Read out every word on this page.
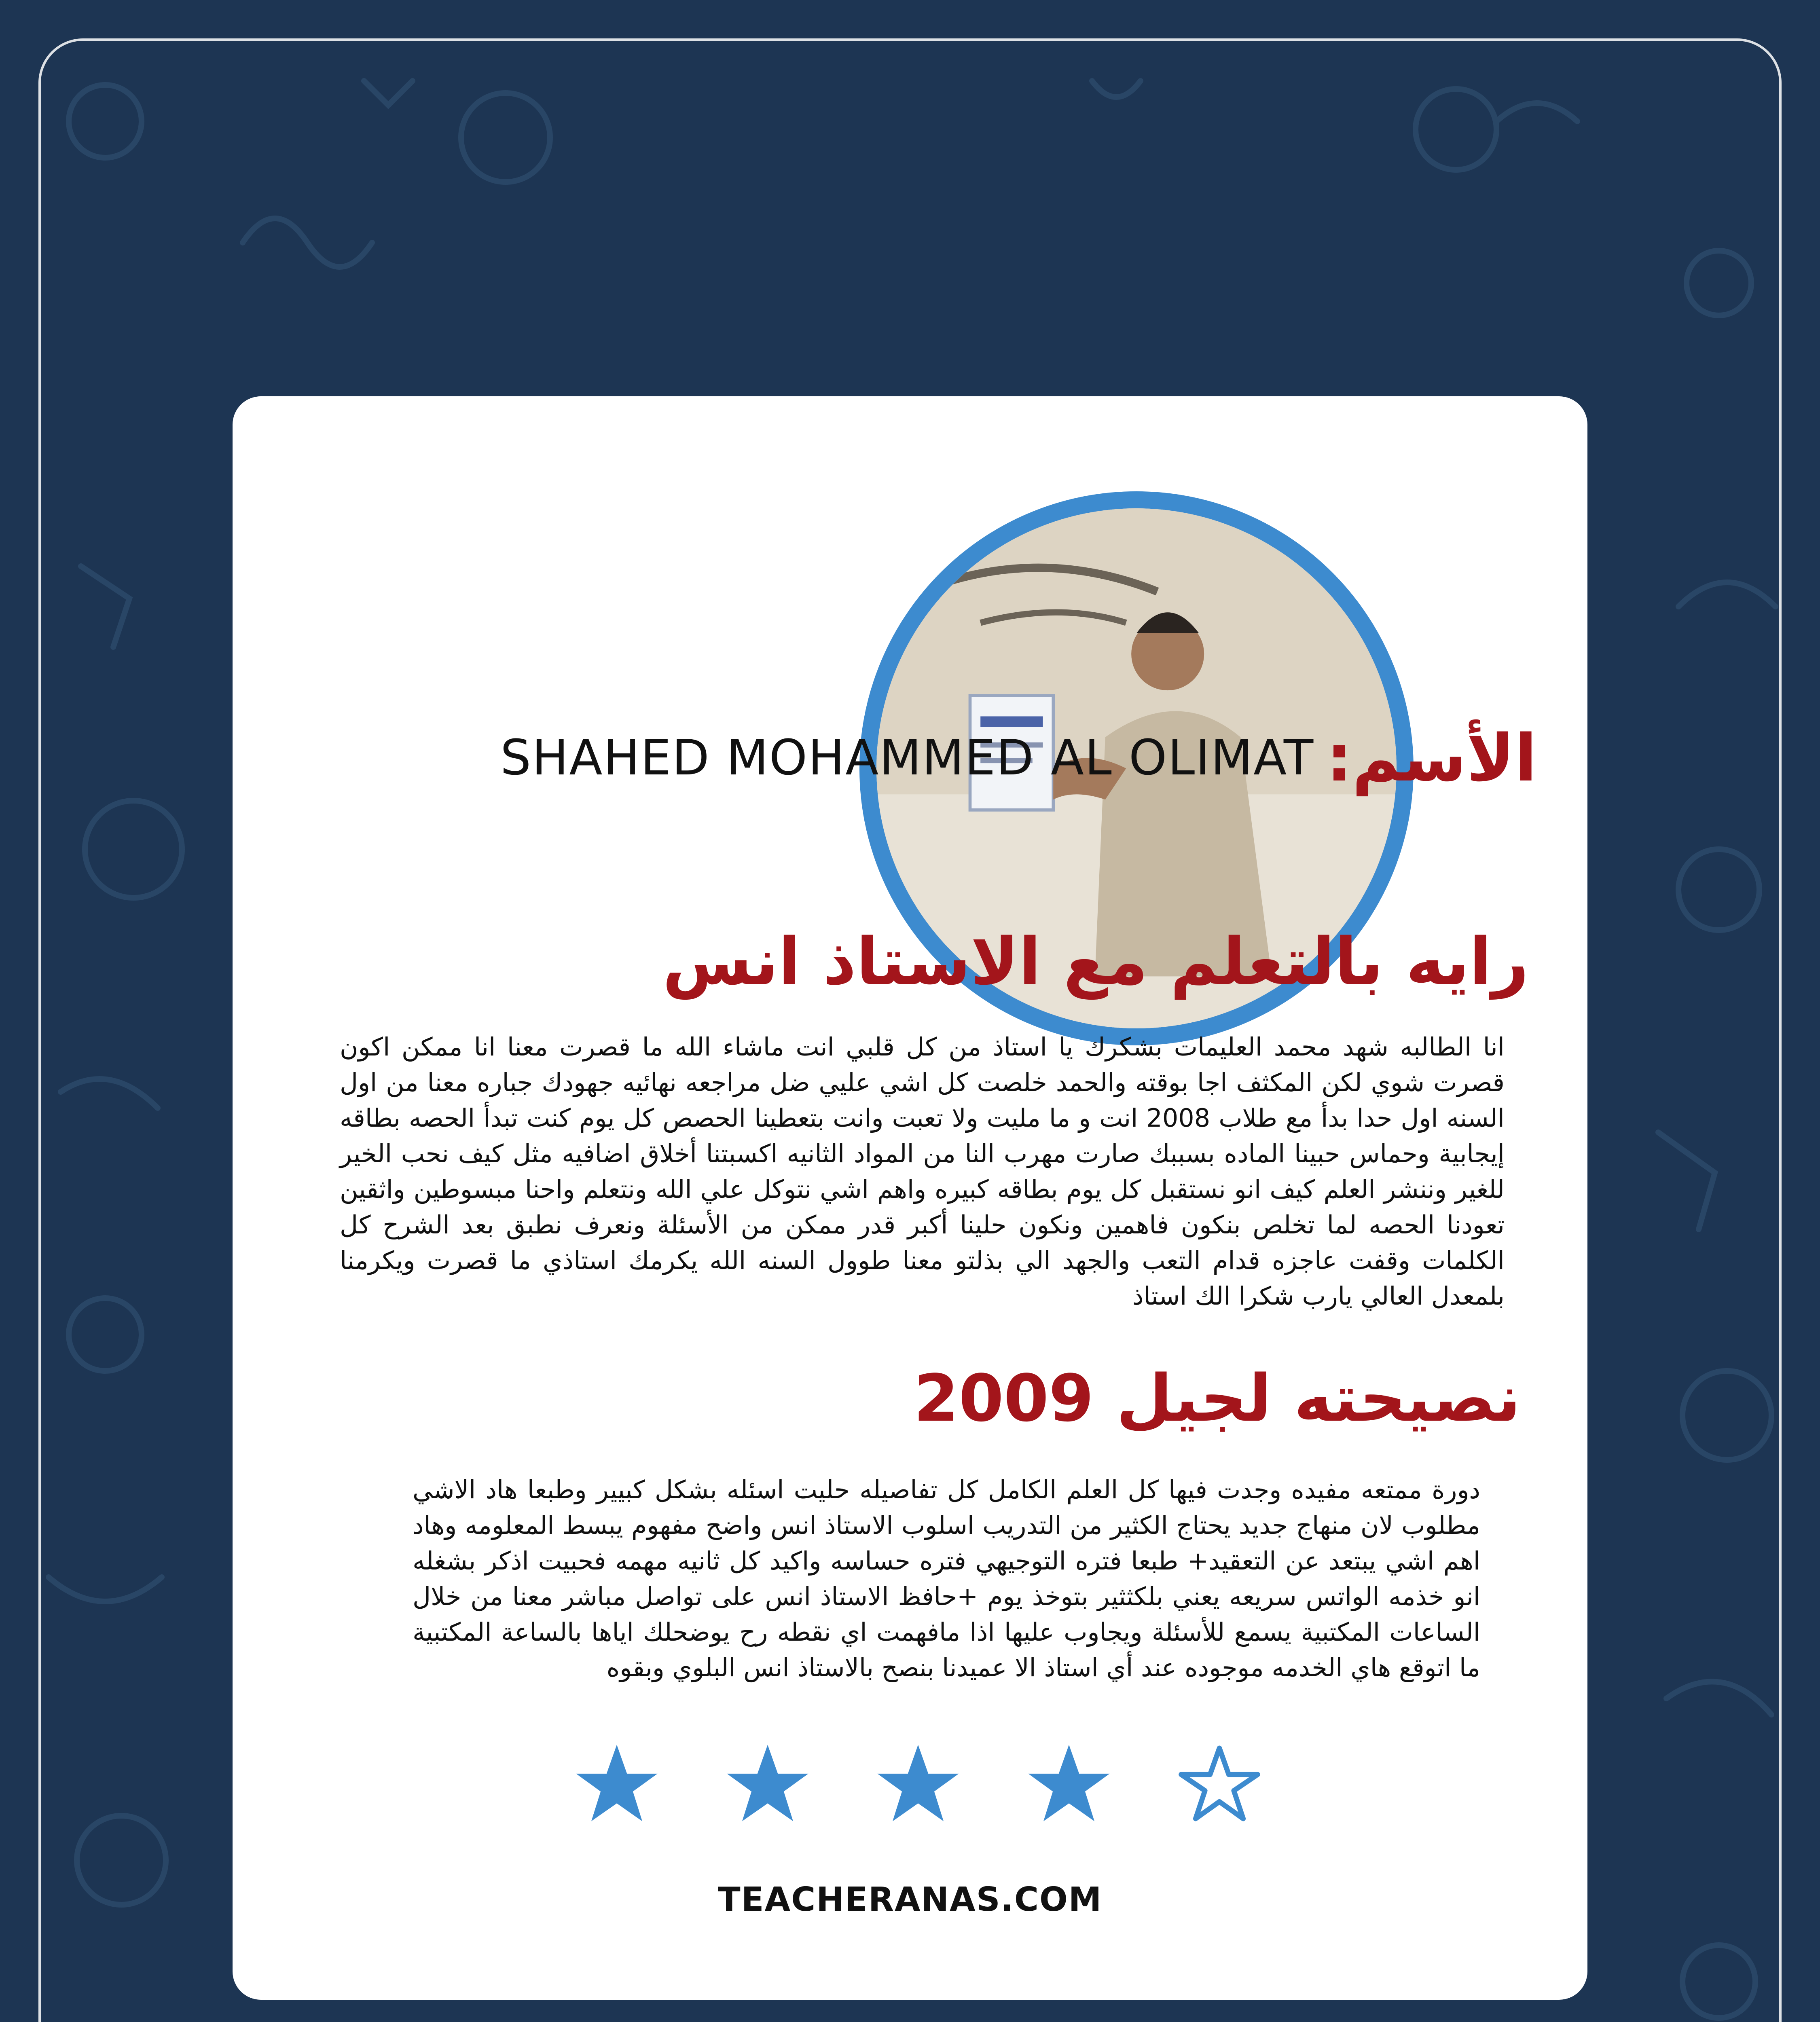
الأسم:
SHAHED MOHAMMED AL OLIMAT
رايه بالتعلم مع الاستاذ انس
انا الطالبه شهد محمد العليمات بشكرك يا استاذ من كل قلبي انت ماشاء الله ما قصرت معنا انا ممكن اكون قصرت شوي لكن المكثف اجا بوقته والحمد خلصت كل اشي عليي ضل مراجعه نهائيه جهودك جباره معنا من اول السنه اول حدا بدأ مع طلاب 2008 انت و ما مليت ولا تعبت وانت بتعطينا الحصص كل يوم كنت تبدأ الحصه بطاقه إيجابية وحماس حبينا الماده بسببك صارت مهرب النا من المواد الثانيه اكسبتنا أخلاق اضافيه مثل كيف نحب الخير للغير وننشر العلم كيف انو نستقبل كل يوم بطاقه كبيره واهم اشي نتوكل علي الله ونتعلم واحنا مبسوطين واثقين تعودنا الحصه لما تخلص بنكون فاهمين ونكون حلينا أكبر قدر ممكن من الأسئلة ونعرف نطبق بعد الشرح كل الكلمات وقفت عاجزه قدام التعب والجهد الي بذلتو معنا طوول السنه الله يكرمك استاذي ما قصرت ويكرمنا بلمعدل العالي يارب شكرا الك استاذ
نصيحته لجيل 2009
دورة ممتعه مفيده وجدت فيها كل العلم الكامل كل تفاصيله حليت اسئله بشكل كبيير وطبعا هاد الاشي مطلوب لان منهاج جديد يحتاج الكثير من التدريب اسلوب الاستاذ انس واضح مفهوم يبسط المعلومه وهاد اهم اشي يبتعد عن التعقيد+ طبعا فتره التوجيهي فتره حساسه واكيد كل ثانيه مهمه فحبيت اذكر بشغله انو خذمه الواتس سريعه يعني بلكثثير بتوخذ يوم +حافظ الاستاذ انس على تواصل مباشر معنا من خلال الساعات المكتبية يسمع للأسئلة ويجاوب عليها اذا مافهمت اي نقطه رح يوضحلك اياها بالساعة المكتبية ما اتوقع هاي الخدمه موجوده عند أي استاذ الا عميدنا بنصح بالاستاذ انس البلوي وبقوه
TEACHERANAS.COM
